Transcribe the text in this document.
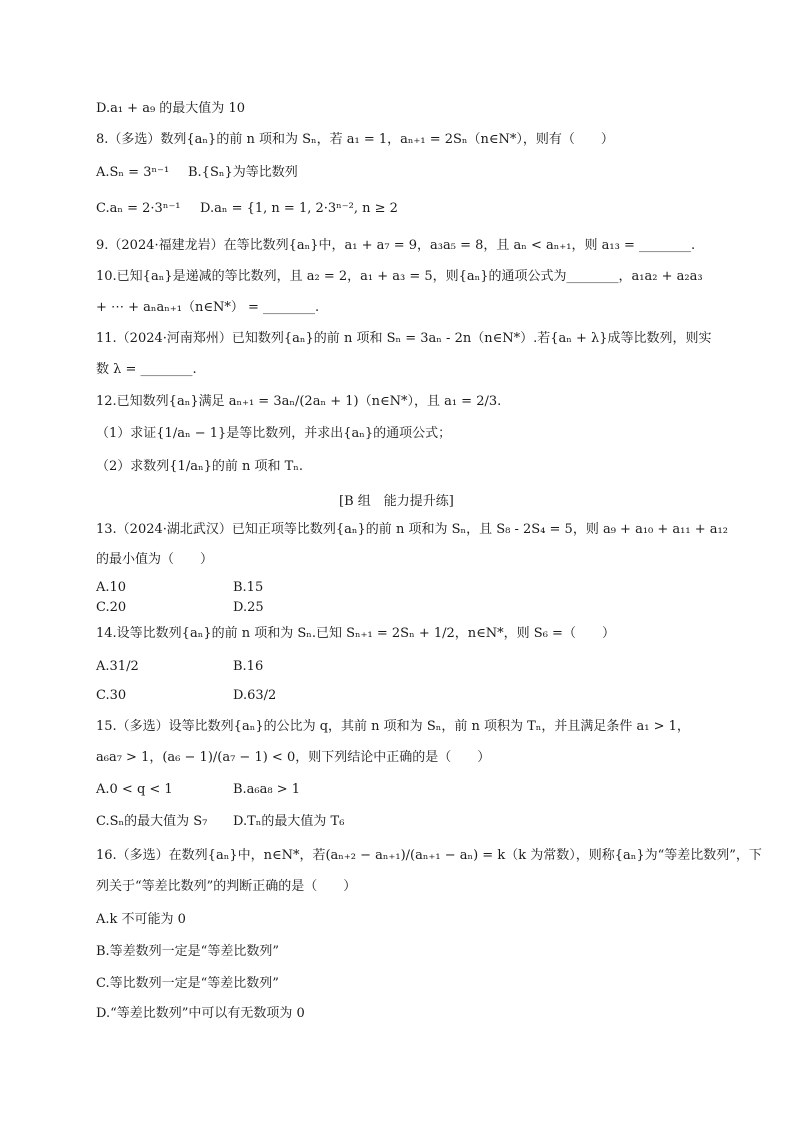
D.a₁ + a₉ 的最大值为 10
8.（多选）数列{aₙ}的前 n 项和为 Sₙ，若 a₁ = 1，aₙ₊₁ = 2Sₙ（n∈N*），则有（　　）
A.Sₙ = 3ⁿ⁻¹ B.{Sₙ}为等比数列
C.aₙ = 2·3ⁿ⁻¹ D.aₙ = {1, n = 1, 2·3ⁿ⁻², n ≥ 2
9.（2024·福建龙岩）在等比数列{aₙ}中，a₁ + a₇ = 9，a₃a₅ = 8，且 aₙ < aₙ₊₁，则 a₁₃ = ________.
10.已知{aₙ}是递减的等比数列，且 a₂ = 2，a₁ + a₃ = 5，则{aₙ}的通项公式为________，a₁a₂ + a₂a₃
+ ⋯ + aₙaₙ₊₁（n∈N*） = ________.
11.（2024·河南郑州）已知数列{aₙ}的前 n 项和 Sₙ = 3aₙ - 2n（n∈N*）.若{aₙ + λ}成等比数列，则实
数 λ = ________.
12.已知数列{aₙ}满足 aₙ₊₁ = 3aₙ/(2aₙ + 1)（n∈N*），且 a₁ = 2/3.
（1）求证{1/aₙ − 1}是等比数列，并求出{aₙ}的通项公式；
（2）求数列{1/aₙ}的前 n 项和 Tₙ.
[B 组　能力提升练]
13.（2024·湖北武汉）已知正项等比数列{aₙ}的前 n 项和为 Sₙ，且 S₈ - 2S₄ = 5，则 a₉ + a₁₀ + a₁₁ + a₁₂
的最小值为（　　）
A.10	B.15
C.20	D.25
14.设等比数列{aₙ}的前 n 项和为 Sₙ.已知 Sₙ₊₁ = 2Sₙ + 1/2，n∈N*，则 S₆ =（　　）
A.31/2	B.16
C.30	D.63/2
15.（多选）设等比数列{aₙ}的公比为 q，其前 n 项和为 Sₙ，前 n 项积为 Tₙ，并且满足条件 a₁ > 1，
a₆a₇ > 1，(a₆ − 1)/(a₇ − 1) < 0，则下列结论中正确的是（　　）
A.0 < q < 1	B.a₆a₈ > 1
C.Sₙ的最大值为 S₇ D.Tₙ的最大值为 T₆
16.（多选）在数列{aₙ}中，n∈N*，若(aₙ₊₂ − aₙ₊₁)/(aₙ₊₁ − aₙ) = k（k 为常数），则称{aₙ}为“等差比数列”，下
列关于“等差比数列”的判断正确的是（　　）
A.k 不可能为 0
B.等差数列一定是“等差比数列”
C.等比数列一定是“等差比数列”
D.“等差比数列”中可以有无数项为 0
